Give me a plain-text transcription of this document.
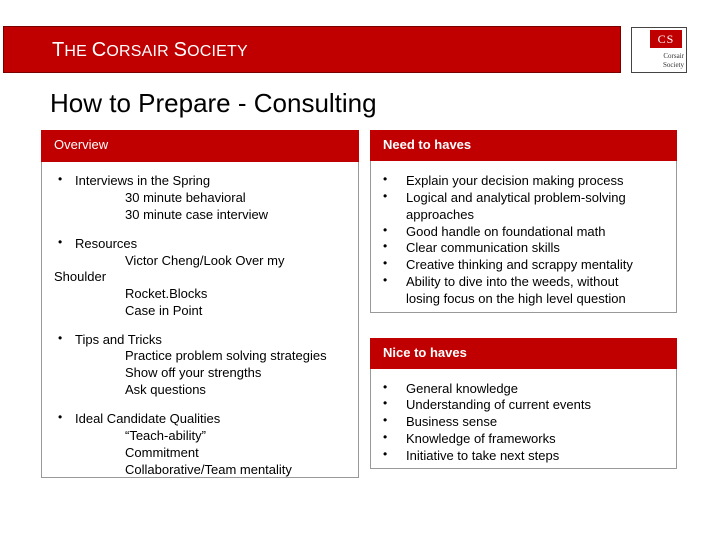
THE CORSAIR SOCIETY
CS
Corsair
Society
How to Prepare - Consulting
Overview
• Interviews in the Spring
30 minute behavioral
30 minute case interview
• Resources
Victor Cheng/Look Over my
Shoulder
Rocket.Blocks
Case in Point
• Tips and Tricks
Practice problem solving strategies
Show off your strengths
Ask questions
• Ideal Candidate Qualities
“Teach-ability”
Commitment
Collaborative/Team mentality
Need to haves
• Explain your decision making process
• Logical and analytical problem-solving
approaches
• Good handle on foundational math
• Clear communication skills
• Creative thinking and scrappy mentality
• Ability to dive into the weeds, without
losing focus on the high level question
Nice to haves
• General knowledge
• Understanding of current events
• Business sense
• Knowledge of frameworks
• Initiative to take next steps
